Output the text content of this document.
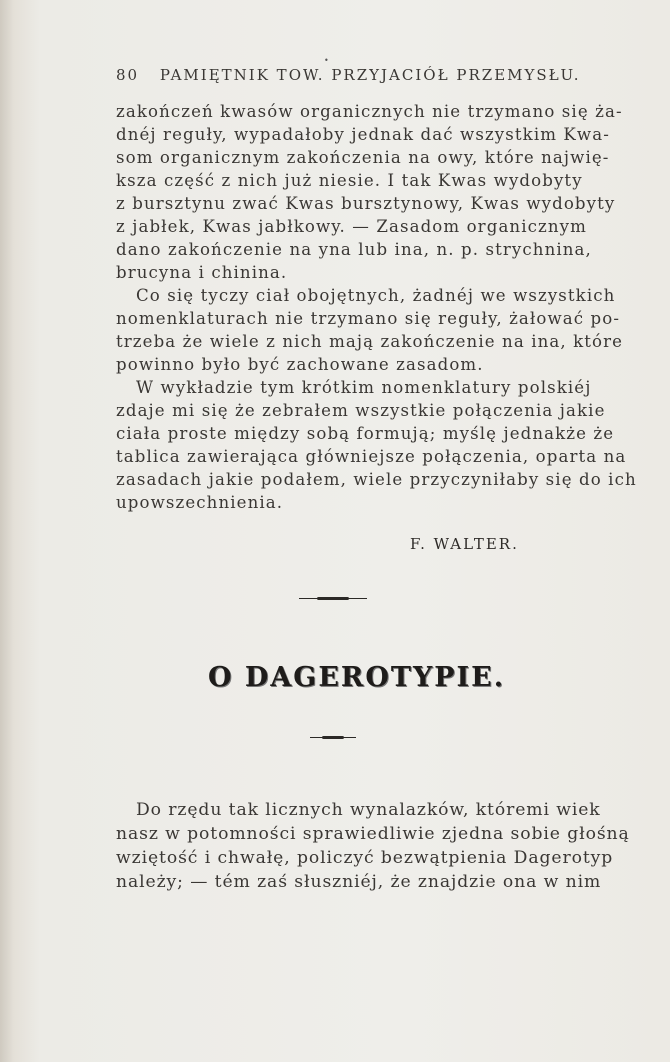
•
80 PAMIĘTNIK TOW. PRZYJACIÓŁ PRZEMYSŁU.
zakończeń kwasów organicznych nie trzymano się ża-
dnéj reguły, wypadałoby jednak dać wszystkim Kwa-
som organicznym zakończenia na owy, które najwię-
ksza część z nich już niesie. I tak Kwas wydobyty
z bursztynu zwać Kwas bursztynowy, Kwas wydobyty
z jabłek, Kwas jabłkowy. — Zasadom organicznym
dano zakończenie na yna lub ina, n. p. strychnina,
brucyna i chinina.
Co się tyczy ciał obojętnych, żadnéj we wszystkich
nomenklaturach nie trzymano się reguły, żałować po-
trzeba że wiele z nich mają zakończenie na ina, które
powinno było być zachowane zasadom.
W wykładzie tym krótkim nomenklatury polskiéj
zdaje mi się że zebrałem wszystkie połączenia jakie
ciała proste między sobą formują; myślę jednakże że
tablica zawierająca główniejsze połączenia, oparta na
zasadach jakie podałem, wiele przyczyniłaby się do ich
upowszechnienia.
F. WALTER.
O DAGEROTYPIE.
Do rzędu tak licznych wynalazków, któremi wiek
nasz w potomności sprawiedliwie zjedna sobie głośną
wziętość i chwałę, policzyć bezwątpienia Dagerotyp
należy; — tém zaś słuszniéj, że znajdzie ona w nim
